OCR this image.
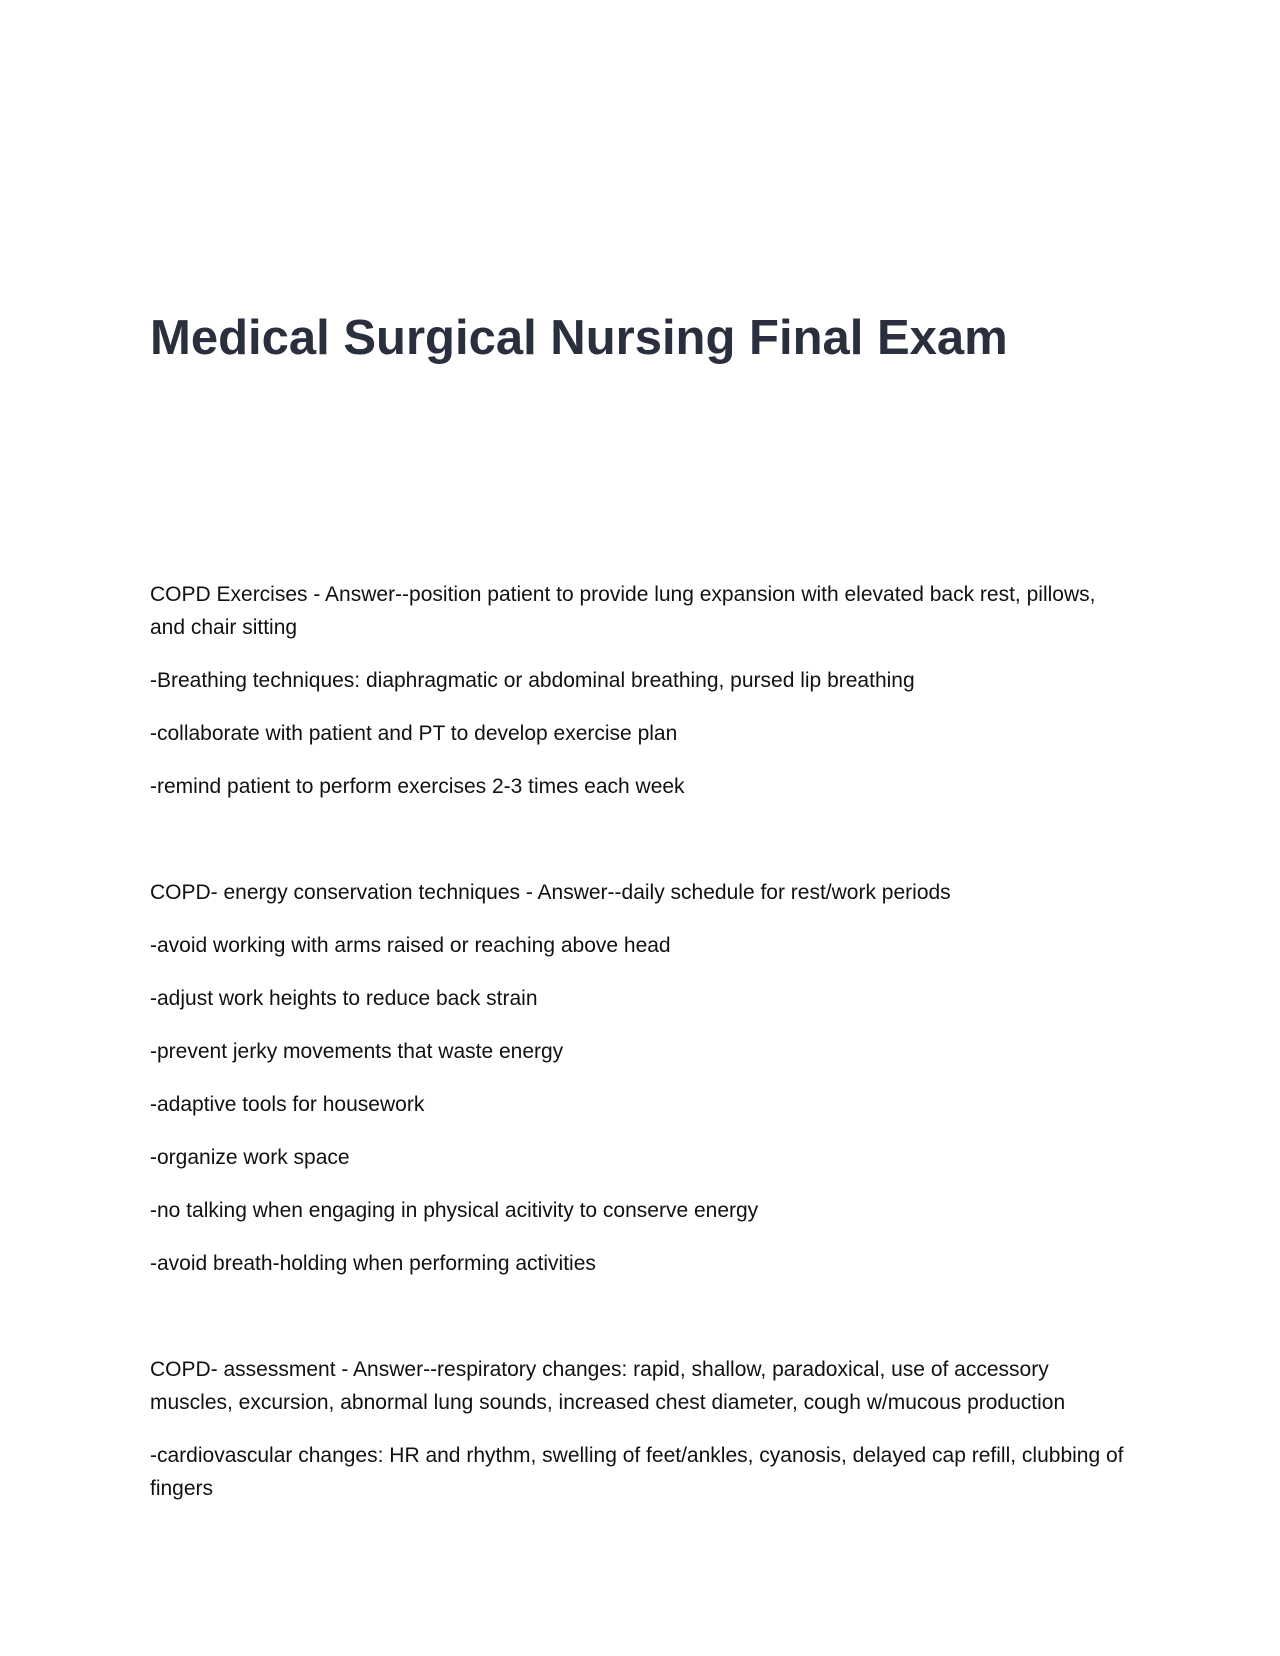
Medical Surgical Nursing Final Exam

COPD Exercises - Answer--position patient to provide lung expansion with elevated back rest, pillows, and chair sitting

-Breathing techniques: diaphragmatic or abdominal breathing, pursed lip breathing

-collaborate with patient and PT to develop exercise plan

-remind patient to perform exercises 2-3 times each week

COPD- energy conservation techniques - Answer--daily schedule for rest/work periods

-avoid working with arms raised or reaching above head

-adjust work heights to reduce back strain

-prevent jerky movements that waste energy

-adaptive tools for housework

-organize work space

-no talking when engaging in physical acitivity to conserve energy

-avoid breath-holding when performing activities

COPD- assessment - Answer--respiratory changes: rapid, shallow, paradoxical, use of accessory muscles, excursion, abnormal lung sounds, increased chest diameter, cough w/mucous production

-cardiovascular changes: HR and rhythm, swelling of feet/ankles, cyanosis, delayed cap refill, clubbing of fingers
